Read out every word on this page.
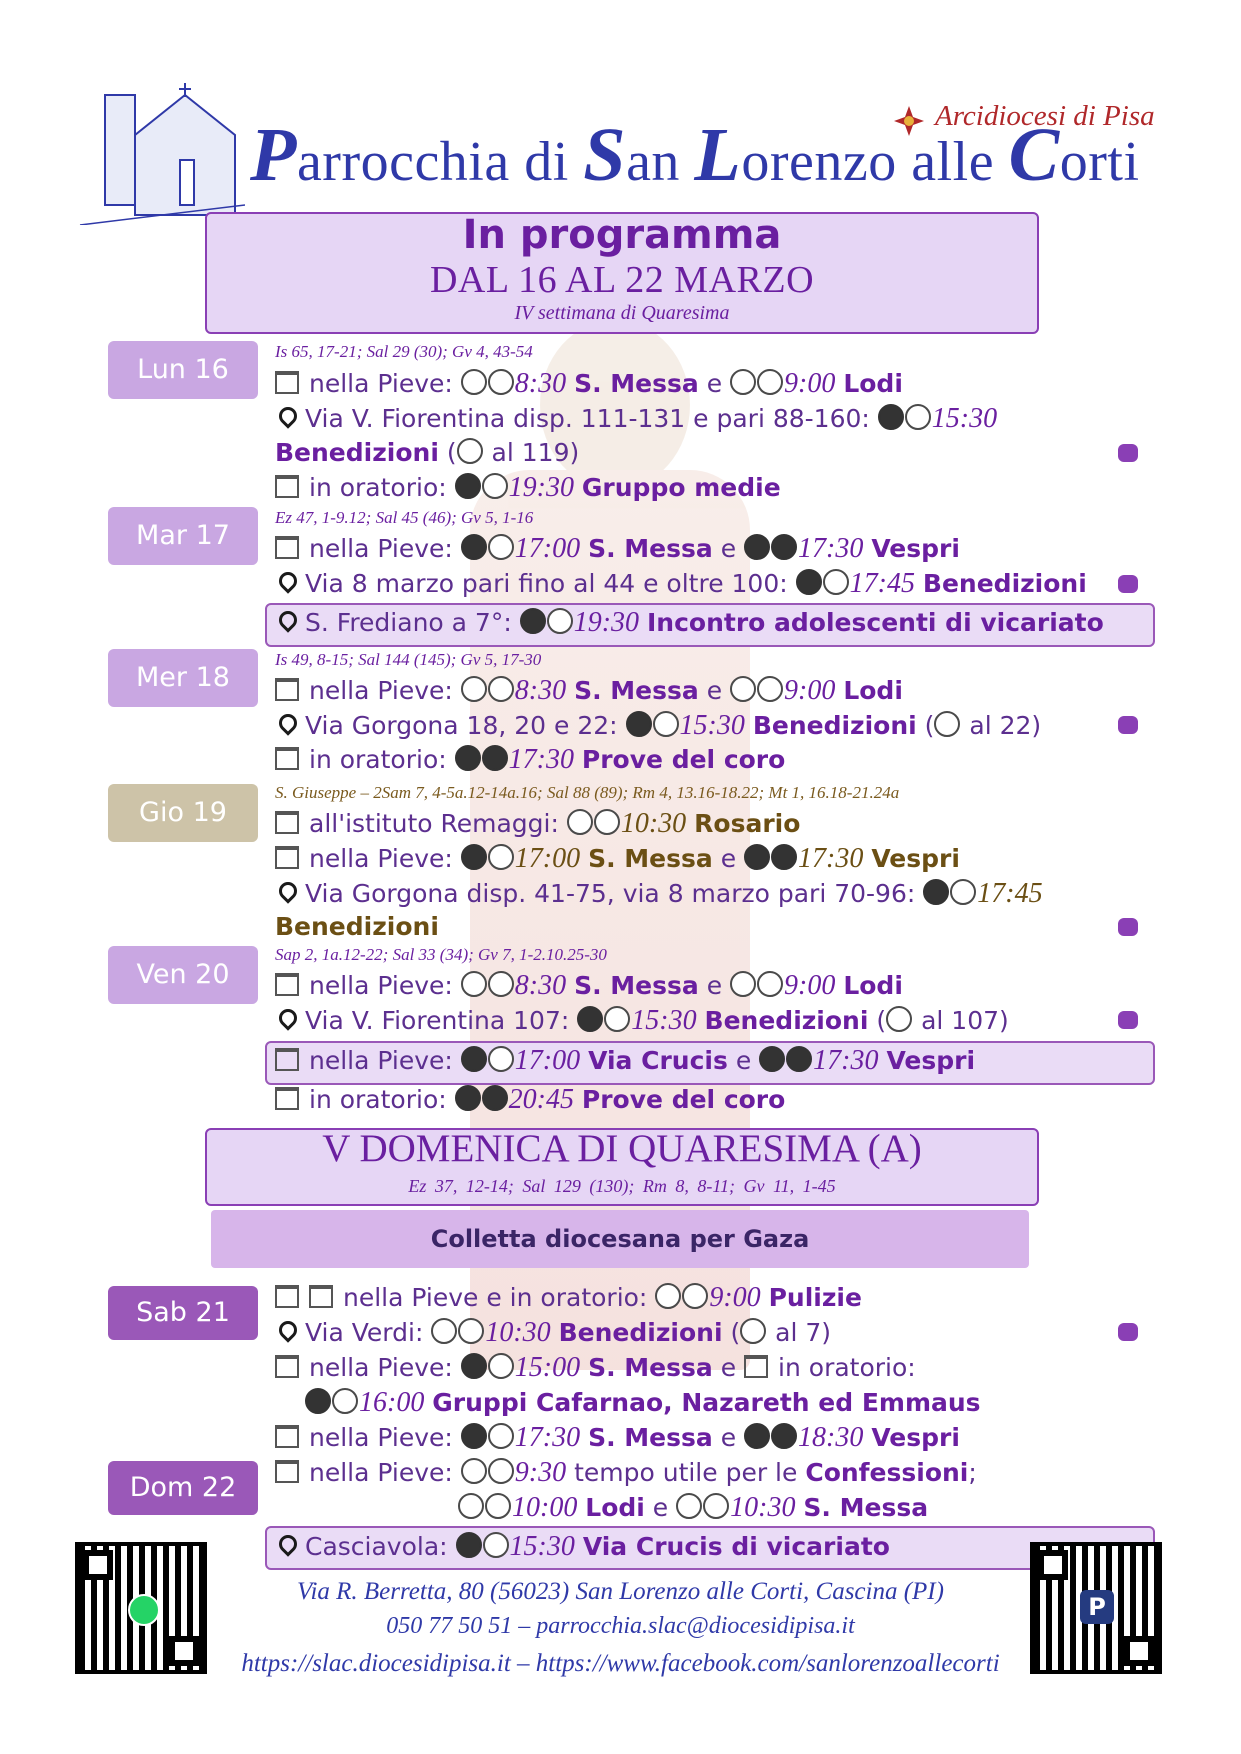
Arcidiocesi di Pisa
Parrocchia di San Lorenzo alle Corti
In programma
DAL 16 AL 22 MARZO
IV settimana di Quaresima
Lun 16
Mar 17
Mer 18
Gio 19
Ven 20
Sab 21
Dom 22
Is 65, 17-21; Sal 29 (30); Gv 4, 43-54
nella Pieve: 8:30 S. Messa e 9:00 Lodi
Via V. Fiorentina disp. 111-131 e pari 88-160: 15:30
Benedizioni ( al 119)
in oratorio: 19:30 Gruppo medie
Ez 47, 1-9.12; Sal 45 (46); Gv 5, 1-16
nella Pieve: 17:00 S. Messa e 17:30 Vespri
Via 8 marzo pari fino al 44 e oltre 100: 17:45 Benedizioni
S. Frediano a 7°: 19:30 Incontro adolescenti di vicariato
Is 49, 8-15; Sal 144 (145); Gv 5, 17-30
nella Pieve: 8:30 S. Messa e 9:00 Lodi
Via Gorgona 18, 20 e 22: 15:30 Benedizioni ( al 22)
in oratorio: 17:30 Prove del coro
S. Giuseppe – 2Sam 7, 4-5a.12-14a.16; Sal 88 (89); Rm 4, 13.16-18.22; Mt 1, 16.18-21.24a
all'istituto Remaggi: 10:30 Rosario
nella Pieve: 17:00 S. Messa e 17:30 Vespri
Via Gorgona disp. 41-75, via 8 marzo pari 70-96: 17:45
Benedizioni
Sap 2, 1a.12-22; Sal 33 (34); Gv 7, 1-2.10.25-30
nella Pieve: 8:30 S. Messa e 9:00 Lodi
Via V. Fiorentina 107: 15:30 Benedizioni ( al 107)
nella Pieve: 17:00 Via Crucis e 17:30 Vespri
in oratorio: 20:45 Prove del coro
V DOMENICA DI QUARESIMA (A)
Ez 37, 12-14; Sal 129 (130); Rm 8, 8-11; Gv 11, 1-45
Colletta diocesana per Gaza
nella Pieve e in oratorio: 9:00 Pulizie
Via Verdi: 10:30 Benedizioni ( al 7)
nella Pieve: 15:00 S. Messa e in oratorio:
16:00 Gruppi Cafarnao, Nazareth ed Emmaus
nella Pieve: 17:30 S. Messa e 18:30 Vespri
nella Pieve: 9:30 tempo utile per le Confessioni;
10:00 Lodi e 10:30 S. Messa
Casciavola: 15:30 Via Crucis di vicariato
P
Via R. Berretta, 80 (56023) San Lorenzo alle Corti, Cascina (PI)
050 77 50 51 – parrocchia.slac@diocesidipisa.it
https://slac.diocesidipisa.it – https://www.facebook.com/sanlorenzoallecorti
